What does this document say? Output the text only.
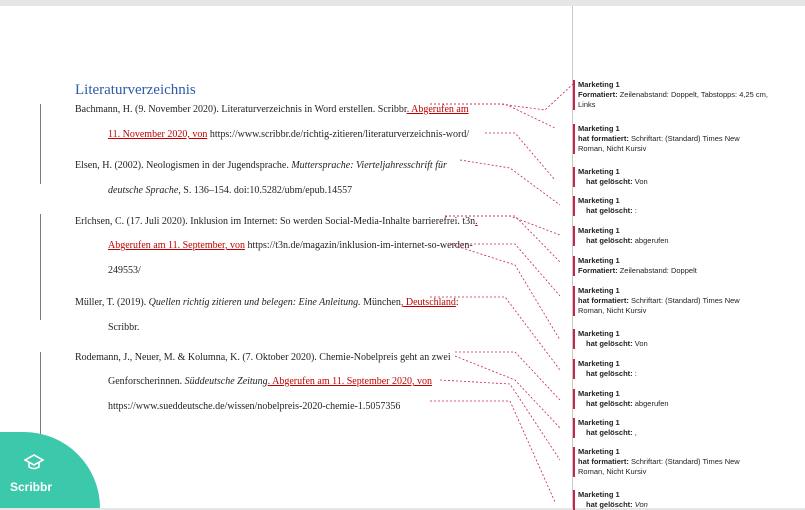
Literaturverzeichnis
Bachmann, H. (9. November 2020). Literaturverzeichnis in Word erstellen. Scribbr. Abgerufen am
11. November 2020, von https://www.scribbr.de/richtig-zitieren/literaturverzeichnis-word/
Elsen, H. (2002). Neologismen in der Jugendsprache. Muttersprache: Vierteljahresschrift für
deutsche Sprache, S. 136–154. doi:10.5282/ubm/epub.14557
Erlchsen, C. (17. Juli 2020). Inklusion im Internet: So werden Social-Media-Inhalte barrierefrei. t3n.
Abgerufen am 11. September, von https://t3n.de/magazin/inklusion-im-internet-so-werden-
249553/
Müller, T. (2019). Quellen richtig zitieren und belegen: Eine Anleitung. München, Deutschland:
Scribbr.
Rodemann, J., Neuer, M. & Kolumna, K. (7. Oktober 2020). Chemie-Nobelpreis geht an zwei
Genforscherinnen. Süddeutsche Zeitung. Abgerufen am 11. September 2020, von
https://www.sueddeutsche.de/wissen/nobelpreis-2020-chemie-1.5057356
Marketing 1
Formatiert: Zeilenabstand: Doppelt, Tabstopps: 4,25 cm, Links
Marketing 1
hat formatiert: Schriftart: (Standard) Times New Roman, Nicht Kursiv
Marketing 1
hat gelöscht: Von
Marketing 1
hat gelöscht: :
Marketing 1
hat gelöscht: abgerufen
Marketing 1
Formatiert: Zeilenabstand: Doppelt
Marketing 1
hat formatiert: Schriftart: (Standard) Times New Roman, Nicht Kursiv
Marketing 1
hat gelöscht: Von
Marketing 1
hat gelöscht: :
Marketing 1
hat gelöscht: abgerufen
Marketing 1
hat gelöscht: ,
Marketing 1
hat formatiert: Schriftart: (Standard) Times New Roman, Nicht Kursiv
Marketing 1
hat gelöscht: Von
Scribbr
